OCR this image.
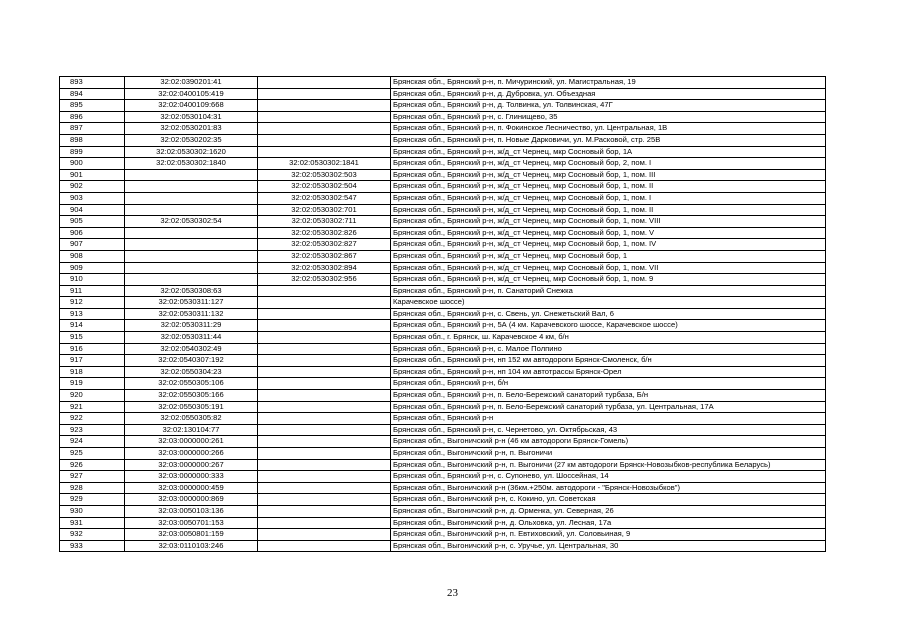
893	32:02:0390201:41		Брянская обл., Брянский р-н, п. Мичуринский, ул. Магистральная, 19
894	32:02:0400105:419		Брянская обл., Брянский р-н, д. Дубровка, ул. Объездная
895	32:02:0400109:668		Брянская обл., Брянский р-н, д. Толвинка, ул. Толвинская, 47Г
896	32:02:0530104:31		Брянская обл., Брянский р-н, с. Глинищево, 35
897	32:02:0530201:83		Брянская обл., Брянский р-н, п. Фокинское Лесничество, ул. Центральная, 1В
898	32:02:0530202:35		Брянская обл., Брянский р-н, п. Новые Дарковичи, ул. М.Расковой, стр. 25В
899	32:02:0530302:1620		Брянская обл., Брянский р-н, ж/д_ст Чернец, мкр Сосновый бор, 1А
900	32:02:0530302:1840	32:02:0530302:1841	Брянская обл., Брянский р-н, ж/д_ст Чернец, мкр Сосновый бор, 2, пом. I
901		32:02:0530302:503	Брянская обл., Брянский р-н, ж/д_ст Чернец, мкр Сосновый бор, 1, пом. III
902		32:02:0530302:504	Брянская обл., Брянский р-н, ж/д_ст Чернец, мкр Сосновый бор, 1, пом. II
903		32:02:0530302:547	Брянская обл., Брянский р-н, ж/д_ст Чернец, мкр Сосновый бор, 1, пом. I
904		32:02:0530302:701	Брянская обл., Брянский р-н, ж/д_ст Чернец, мкр Сосновый бор, 1, пом. II
905	32:02:0530302:54	32:02:0530302:711	Брянская обл., Брянский р-н, ж/д_ст Чернец, мкр Сосновый бор, 1, пом. VIII
906		32:02:0530302:826	Брянская обл., Брянский р-н, ж/д_ст Чернец, мкр Сосновый бор, 1, пом. V
907		32:02:0530302:827	Брянская обл., Брянский р-н, ж/д_ст Чернец, мкр Сосновый бор, 1, пом. IV
908		32:02:0530302:867	Брянская обл., Брянский р-н, ж/д_ст Чернец, мкр Сосновый бор, 1
909		32:02:0530302:894	Брянская обл., Брянский р-н, ж/д_ст Чернец, мкр Сосновый бор, 1, пом. VII
910		32:02:0530302:956	Брянская обл., Брянский р-н, ж/д_ст Чернец, мкр Сосновый бор, 1, пом. 9
911	32:02:0530308:63		Брянская обл., Брянский р-н, п. Санаторий Снежка
912	32:02:0530311:127		Карачевское шоссе)
913	32:02:0530311:132		Брянская обл., Брянский р-н, с. Свень, ул. Снежетьский Вал, 6
914	32:02:0530311:29		Брянская обл., Брянский р-н, 5А (4 км. Карачевского шоссе, Карачевское шоссе)
915	32:02:0530311:44		Брянская обл., г. Брянск, ш. Карачевское 4 км, б/н
916	32:02:0540302:49		Брянская обл., Брянский р-н, с. Малое Полпино
917	32:02:0540307:192		Брянская обл., Брянский р-н, нп 152 км автодороги Брянск-Смоленск, б/н
918	32:02:0550304:23		Брянская обл., Брянский р-н, нп 104 км автотрассы Брянск-Орел
919	32:02:0550305:106		Брянская обл., Брянский р-н, б/н
920	32:02:0550305:166		Брянская обл., Брянский р-н, п. Бело-Бережский санаторий турбаза, Б/н
921	32:02:0550305:191		Брянская обл., Брянский р-н, п. Бело-Бережский санаторий турбаза, ул. Центральная, 17А
922	32:02:0550305:82		Брянская обл., Брянский р-н
923	32:02:130104:77		Брянская обл., Брянский р-н, с. Чернетово, ул. Октябрьская, 43
924	32:03:0000000:261		Брянская обл., Выгоничский р-н (46 км автодороги Брянск-Гомель)
925	32:03:0000000:266		Брянская обл., Выгоничский р-н, п. Выгоничи
926	32:03:0000000:267		Брянская обл., Выгоничский р-н, п. Выгоничи (27 км автодороги Брянск-Новозыбков-республика Беларусь)
927	32:03:0000000:333		Брянская обл., Брянский р-н, с. Супонево, ул. Шоссейная, 14
928	32:03:0000000:459		Брянская обл., Выгоничский р-н (36км.+250м. автодороги - "Брянск-Новозыбков")
929	32:03:0000000:869		Брянская обл., Выгоничский р-н, с. Кокино, ул. Советская
930	32:03:0050103:136		Брянская обл., Выгоничский р-н, д. Орменка, ул. Северная, 26
931	32:03:0050701:153		Брянская обл., Выгоничский р-н, д. Ольховка, ул. Лесная, 17а
932	32:03:0050801:159		Брянская обл., Выгоничский р-н, п. Евтиховский, ул. Соловьиная, 9
933	32:03:0110103:246		Брянская обл., Выгоничский р-н, с. Уручье, ул. Центральная, 30
23
